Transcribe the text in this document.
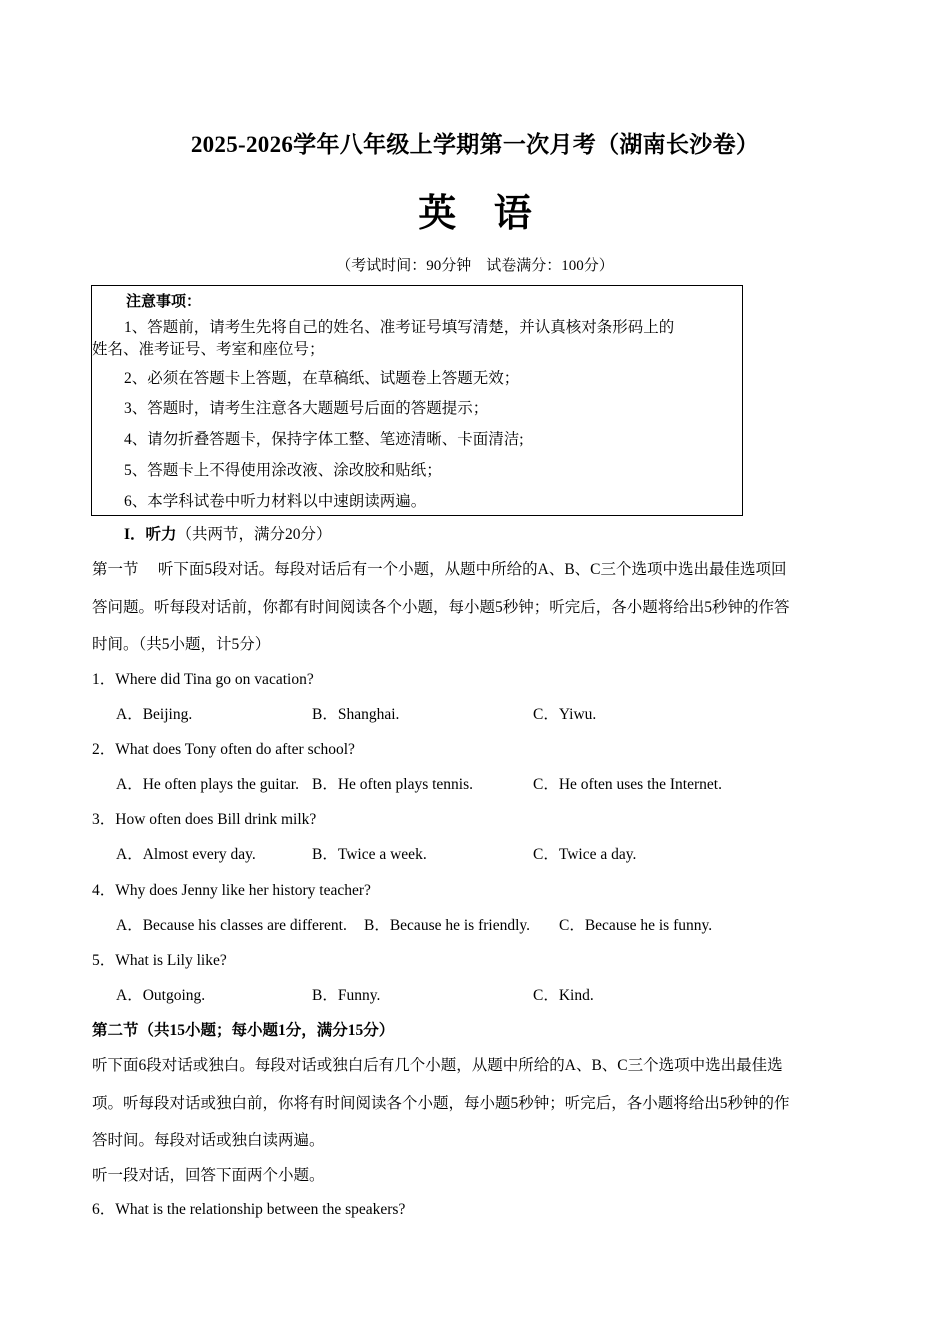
2025-2026学年八年级上学期第一次月考（湖南长沙卷）
英 语
（考试时间：90分钟　试卷满分：100分）
注意事项：
1、答题前，请考生先将自己的姓名、准考证号填写清楚，并认真核对条形码上的
姓名、准考证号、考室和座位号；
2、必须在答题卡上答题，在草稿纸、试题卷上答题无效；
3、答题时，请考生注意各大题题号后面的答题提示；
4、请勿折叠答题卡，保持字体工整、笔迹清晰、卡面清洁;
5、答题卡上不得使用涂改液、涂改胶和贴纸；
6、本学科试卷中听力材料以中速朗读两遍。
I．听力（共两节，满分20分）
第一节　 听下面5段对话。每段对话后有一个小题，从题中所给的A、B、C三个选项中选出最佳选项回
答问题。听每段对话前，你都有时间阅读各个小题，每小题5秒钟；听完后，各小题将给出5秒钟的作答
时间。（共5小题，计5分）
1．Where did Tina go on vacation?
A．Beijing.	B．Shanghai.	C．Yiwu.
2．What does Tony often do after school?
A．He often plays the guitar. B．He often plays tennis.	C．He often uses the Internet.
3．How often does Bill drink milk?
A．Almost every day.	B．Twice a week.	C．Twice a day.
4．Why does Jenny like her history teacher?
A．Because his classes are different. B．Because he is friendly. C．Because he is funny.
5．What is Lily like?
A．Outgoing.	B．Funny.	C．Kind.
第二节（共15小题；每小题1分，满分15分）
听下面6段对话或独白。每段对话或独白后有几个小题，从题中所给的A、B、C三个选项中选出最佳选
项。听每段对话或独白前，你将有时间阅读各个小题，每小题5秒钟；听完后，各小题将给出5秒钟的作
答时间。每段对话或独白读两遍。
听一段对话，回答下面两个小题。
6．What is the relationship between the speakers?
